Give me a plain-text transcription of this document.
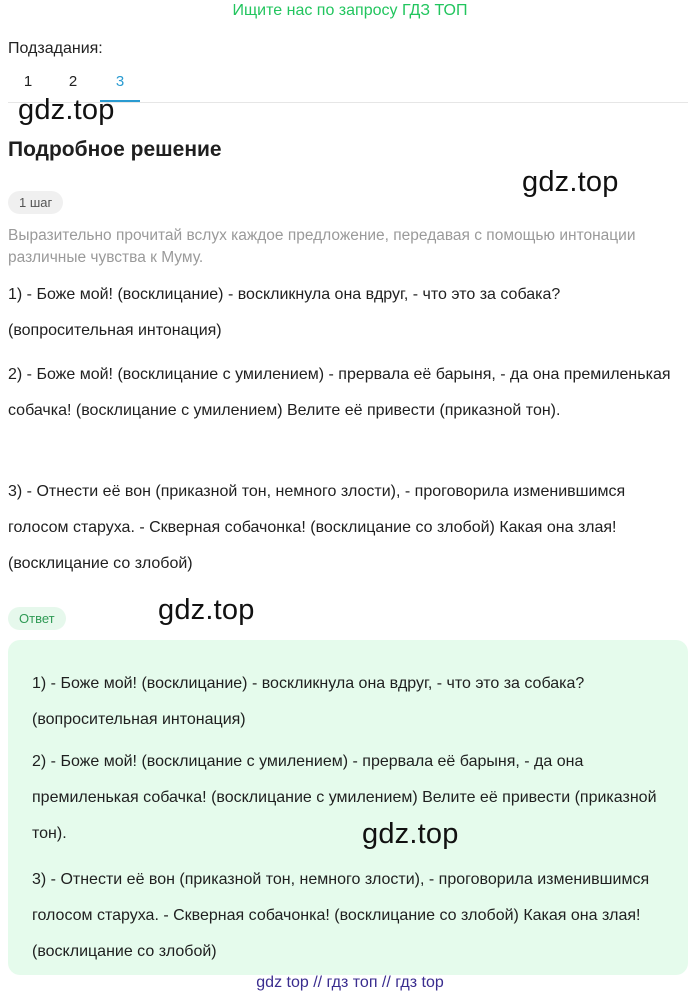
Ищите нас по запросу ГДЗ ТОП
Подзадания:
1	2	3
gdz.top
Подробное решение
gdz.top
1 шаг
Выразительно прочитай вслух каждое предложение, передавая с помощью интонации различные чувства к Муму.
1) - Боже мой! (восклицание) - воскликнула она вдруг, - что это за собака? (вопросительная интонация)
2) - Боже мой! (восклицание с умилением) - прервала её барыня, - да она премиленькая собачка! (восклицание с умилением) Велите её привести (приказной тон).
3) - Отнести её вон (приказной тон, немного злости), - проговорила изменившимся голосом старуха. - Скверная собачонка! (восклицание со злобой) Какая она злая! (восклицание со злобой)
Ответ	gdz.top
1) - Боже мой! (восклицание) - воскликнула она вдруг, - что это за собака? (вопросительная интонация)
2) - Боже мой! (восклицание с умилением) - прервала её барыня, - да она премиленькая собачка! (восклицание с умилением) Велите её привести (приказной тон).
3) - Отнести её вон (приказной тон, немного злости), - проговорила изменившимся голосом старуха. - Скверная собачонка! (восклицание со злобой) Какая она злая! (восклицание со злобой)
gdz.top
gdz top // гдз топ // гдз top
